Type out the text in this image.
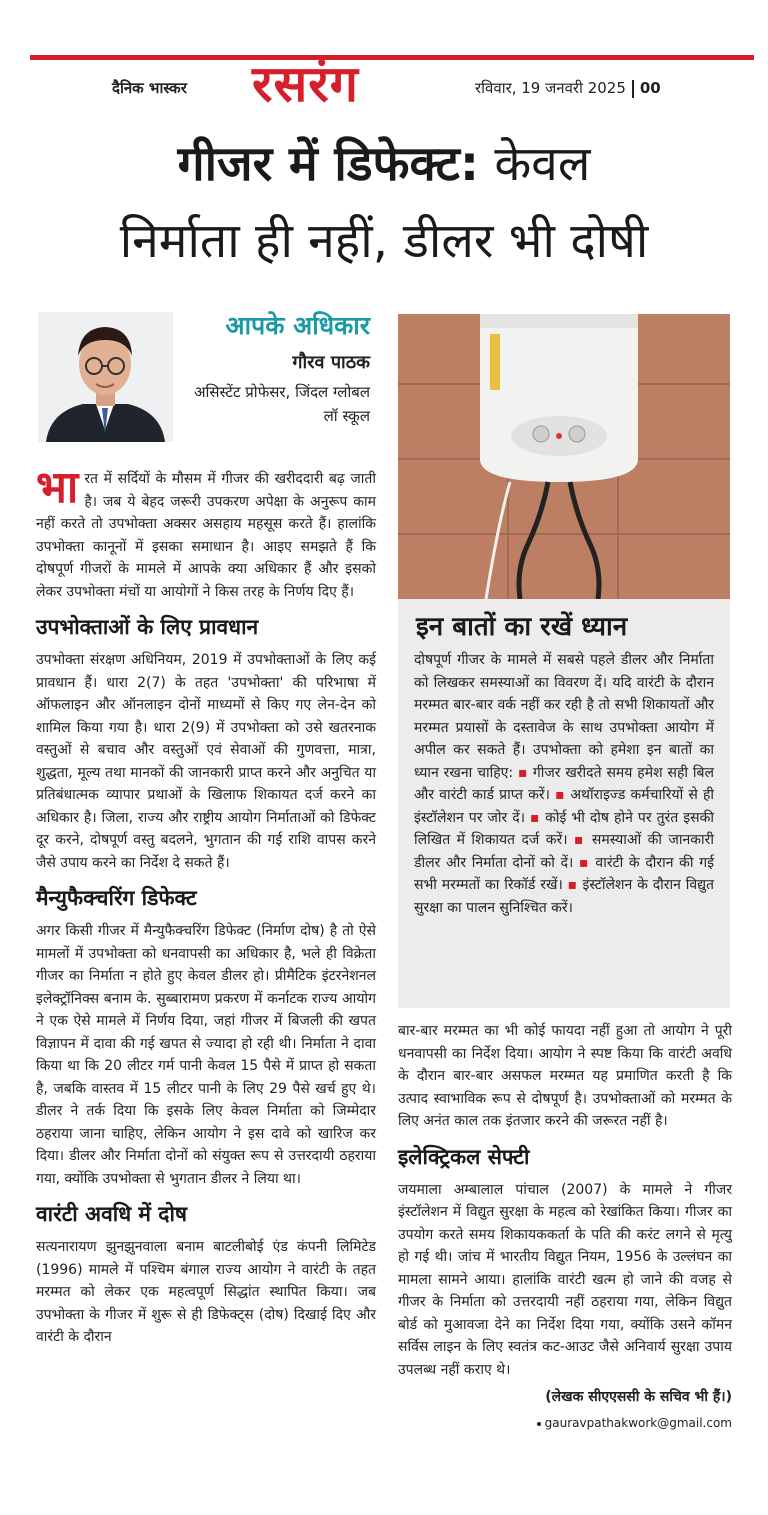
दैनिक भास्कर रसरंग	रविवार, 19 जनवरी 2025 00
गीजर में डिफेक्ट: केवल
निर्माता ही नहीं, डीलर भी दोषी
आपके अधिकार
गौरव पाठक
असिस्टेंट प्रोफेसर, जिंदल ग्लोबल लॉ स्कूल
इन बातों का रखें ध्यान
दोषपूर्ण गीजर के मामले में सबसे पहले डीलर और निर्माता को लिखकर समस्याओं का विवरण दें। यदि वारंटी के दौरान मरम्मत बार-बार वर्क नहीं कर रही है तो सभी शिकायतों और मरम्मत प्रयासों के दस्तावेज के साथ उपभोक्ता आयोग में अपील कर सकते हैं। उपभोक्ता को हमेशा इन बातों का ध्यान रखना चाहिए: ▪ गीजर खरीदते समय हमेश सही बिल और वारंटी कार्ड प्राप्त करें। ▪ अथॉराइज्ड कर्मचारियों से ही इंस्टॉलेशन पर जोर दें। ▪ कोई भी दोष होने पर तुरंत इसकी लिखित में शिकायत दर्ज करें। ▪ समस्याओं की जानकारी डीलर और निर्माता दोनों को दें। ▪ वारंटी के दौरान की गई सभी मरम्मतों का रिकॉर्ड रखें। ▪ इंस्टॉलेशन के दौरान विद्युत सुरक्षा का पालन सुनिश्चित करें।

भारत में सर्दियों के मौसम में गीजर की खरीददारी बढ़ जाती है। जब ये बेहद जरूरी उपकरण अपेक्षा के अनुरूप काम नहीं करते तो उपभोक्ता अक्सर असहाय महसूस करते हैं। हालांकि उपभोक्ता कानूनों में इसका समाधान है। आइए समझते हैं कि दोषपूर्ण गीजरों के मामले में आपके क्या अधिकार हैं और इसको लेकर उपभोक्ता मंचों या आयोगों ने किस तरह के निर्णय दिए हैं।

उपभोक्ताओं के लिए प्रावधान

उपभोक्ता संरक्षण अधिनियम, 2019 में उपभोक्ताओं के लिए कई प्रावधान हैं। धारा 2(7) के तहत 'उपभोक्ता' की परिभाषा में ऑफलाइन और ऑनलाइन दोनों माध्यमों से किए गए लेन-देन को शामिल किया गया है। धारा 2(9) में उपभोक्ता को उसे खतरनाक वस्तुओं से बचाव और वस्तुओं एवं सेवाओं की गुणवत्ता, मात्रा, शुद्धता, मूल्य तथा मानकों की जानकारी प्राप्त करने और अनुचित या प्रतिबंधात्मक व्यापार प्रथाओं के खिलाफ शिकायत दर्ज करने का अधिकार है। जिला, राज्य और राष्ट्रीय आयोग निर्माताओं को डिफेक्ट दूर करने, दोषपूर्ण वस्तु बदलने, भुगतान की गई राशि वापस करने जैसे उपाय करने का निर्देश दे सकते हैं।

मैन्युफैक्चरिंग डिफेक्ट

अगर किसी गीजर में मैन्युफैक्चरिंग डिफेक्ट (निर्माण दोष) है तो ऐसे मामलों में उपभोक्ता को धनवापसी का अधिकार है, भले ही विक्रेता गीजर का निर्माता न होते हुए केवल डीलर हो। प्रीमैटिक इंटरनेशनल इलेक्ट्रॉनिक्स बनाम के. सुब्बारामण प्रकरण में कर्नाटक राज्य आयोग ने एक ऐसे मामले में निर्णय दिया, जहां गीजर में बिजली की खपत विज्ञापन में दावा की गई खपत से ज्यादा हो रही थी। निर्माता ने दावा किया था कि 20 लीटर गर्म पानी केवल 15 पैसे में प्राप्त हो सकता है, जबकि वास्तव में 15 लीटर पानी के लिए 29 पैसे खर्च हुए थे। डीलर ने तर्क दिया कि इसके लिए केवल निर्माता को जिम्मेदार ठहराया जाना चाहिए, लेकिन आयोग ने इस दावे को खारिज कर दिया। डीलर और निर्माता दोनों को संयुक्त रूप से उत्तरदायी ठहराया गया, क्योंकि उपभोक्ता से भुगतान डीलर ने लिया था।

वारंटी अवधि में दोष

सत्यनारायण झुनझुनवाला बनाम बाटलीबोई एंड कंपनी लिमिटेड (1996) मामले में पश्चिम बंगाल राज्य आयोग ने वारंटी के तहत मरम्मत को लेकर एक महत्वपूर्ण सिद्धांत स्थापित किया। जब उपभोक्ता के गीजर में शुरू से ही डिफेक्ट्स (दोष) दिखाई दिए और वारंटी के दौरान

बार-बार मरम्मत का भी कोई फायदा नहीं हुआ तो आयोग ने पूरी धनवापसी का निर्देश दिया। आयोग ने स्पष्ट किया कि वारंटी अवधि के दौरान बार-बार असफल मरम्मत यह प्रमाणित करती है कि उत्पाद स्वाभाविक रूप से दोषपूर्ण है। उपभोक्ताओं को मरम्मत के लिए अनंत काल तक इंतजार करने की जरूरत नहीं है।

इलेक्ट्रिकल सेफ्टी

जयमाला अम्बालाल पांचाल (2007) के मामले ने गीजर इंस्टॉलेशन में विद्युत सुरक्षा के महत्व को रेखांकित किया। गीजर का उपयोग करते समय शिकायककर्ता के पति की करंट लगने से मृत्यु हो गई थी। जांच में भारतीय विद्युत नियम, 1956 के उल्लंघन का मामला सामने आया। हालांकि वारंटी खत्म हो जाने की वजह से गीजर के निर्माता को उत्तरदायी नहीं ठहराया गया, लेकिन विद्युत बोर्ड को मुआवजा देने का निर्देश दिया गया, क्योंकि उसने कॉमन सर्विस लाइन के लिए स्वतंत्र कट-आउट जैसे अनिवार्य सुरक्षा उपाय उपलब्ध नहीं कराए थे।

(लेखक सीएएससी के सचिव भी हैं।)
gauravpathakwork@gmail.com
